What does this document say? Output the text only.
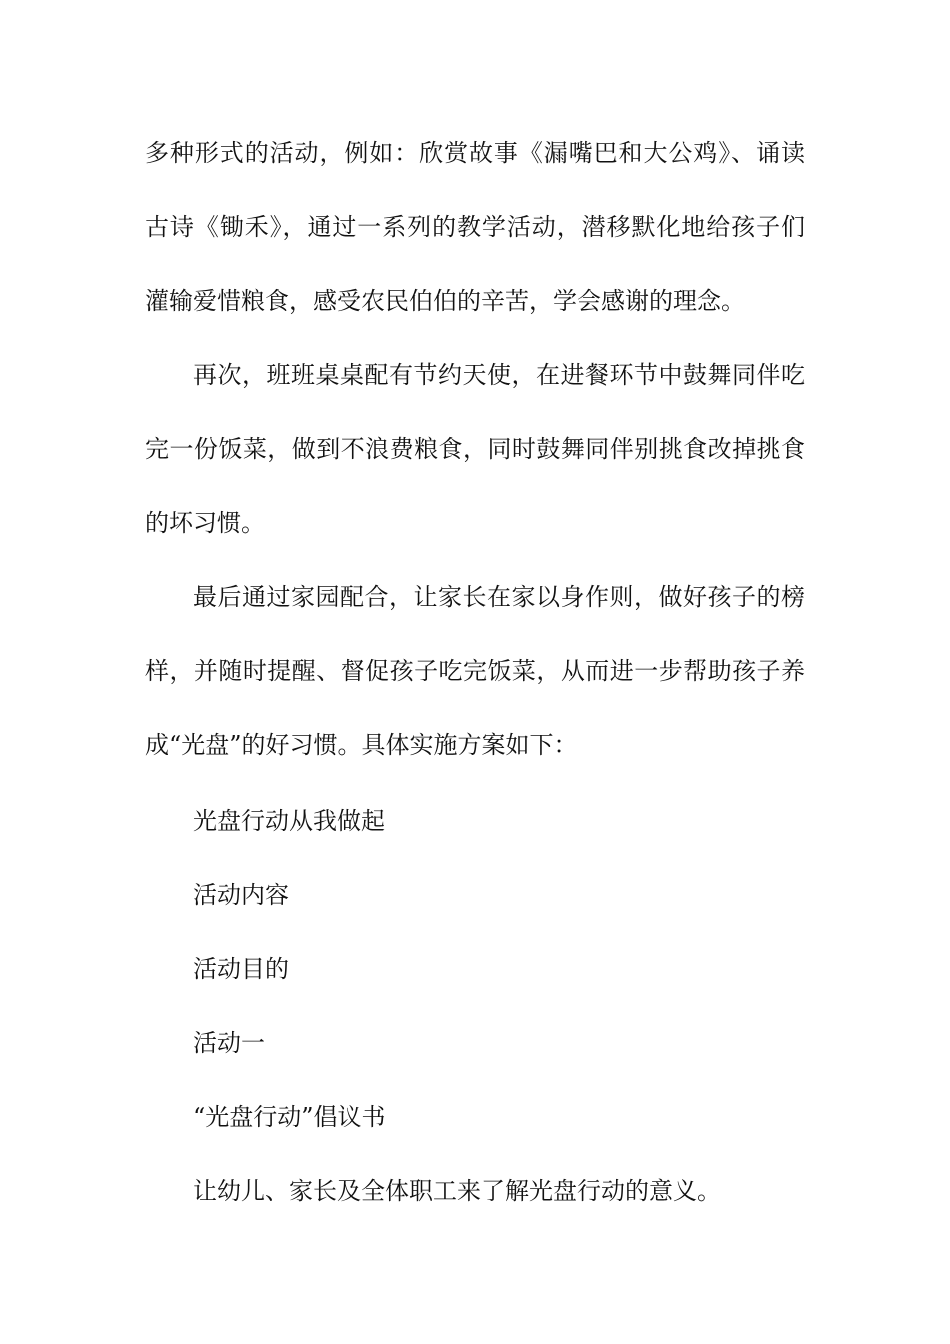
多种形式的活动，例如：欣赏故事《漏嘴巴和大公鸡》、诵读
古诗《锄禾》，通过一系列的教学活动，潜移默化地给孩子们
灌输爱惜粮食，感受农民伯伯的辛苦，学会感谢的理念。
再次，班班桌桌配有节约天使，在进餐环节中鼓舞同伴吃
完一份饭菜，做到不浪费粮食，同时鼓舞同伴别挑食改掉挑食
的坏习惯。
最后通过家园配合，让家长在家以身作则，做好孩子的榜
样，并随时提醒、督促孩子吃完饭菜，从而进一步帮助孩子养
成“光盘”的好习惯。具体实施方案如下：
光盘行动从我做起
活动内容
活动目的
活动一
“光盘行动”倡议书
让幼儿、家长及全体职工来了解光盘行动的意义。
